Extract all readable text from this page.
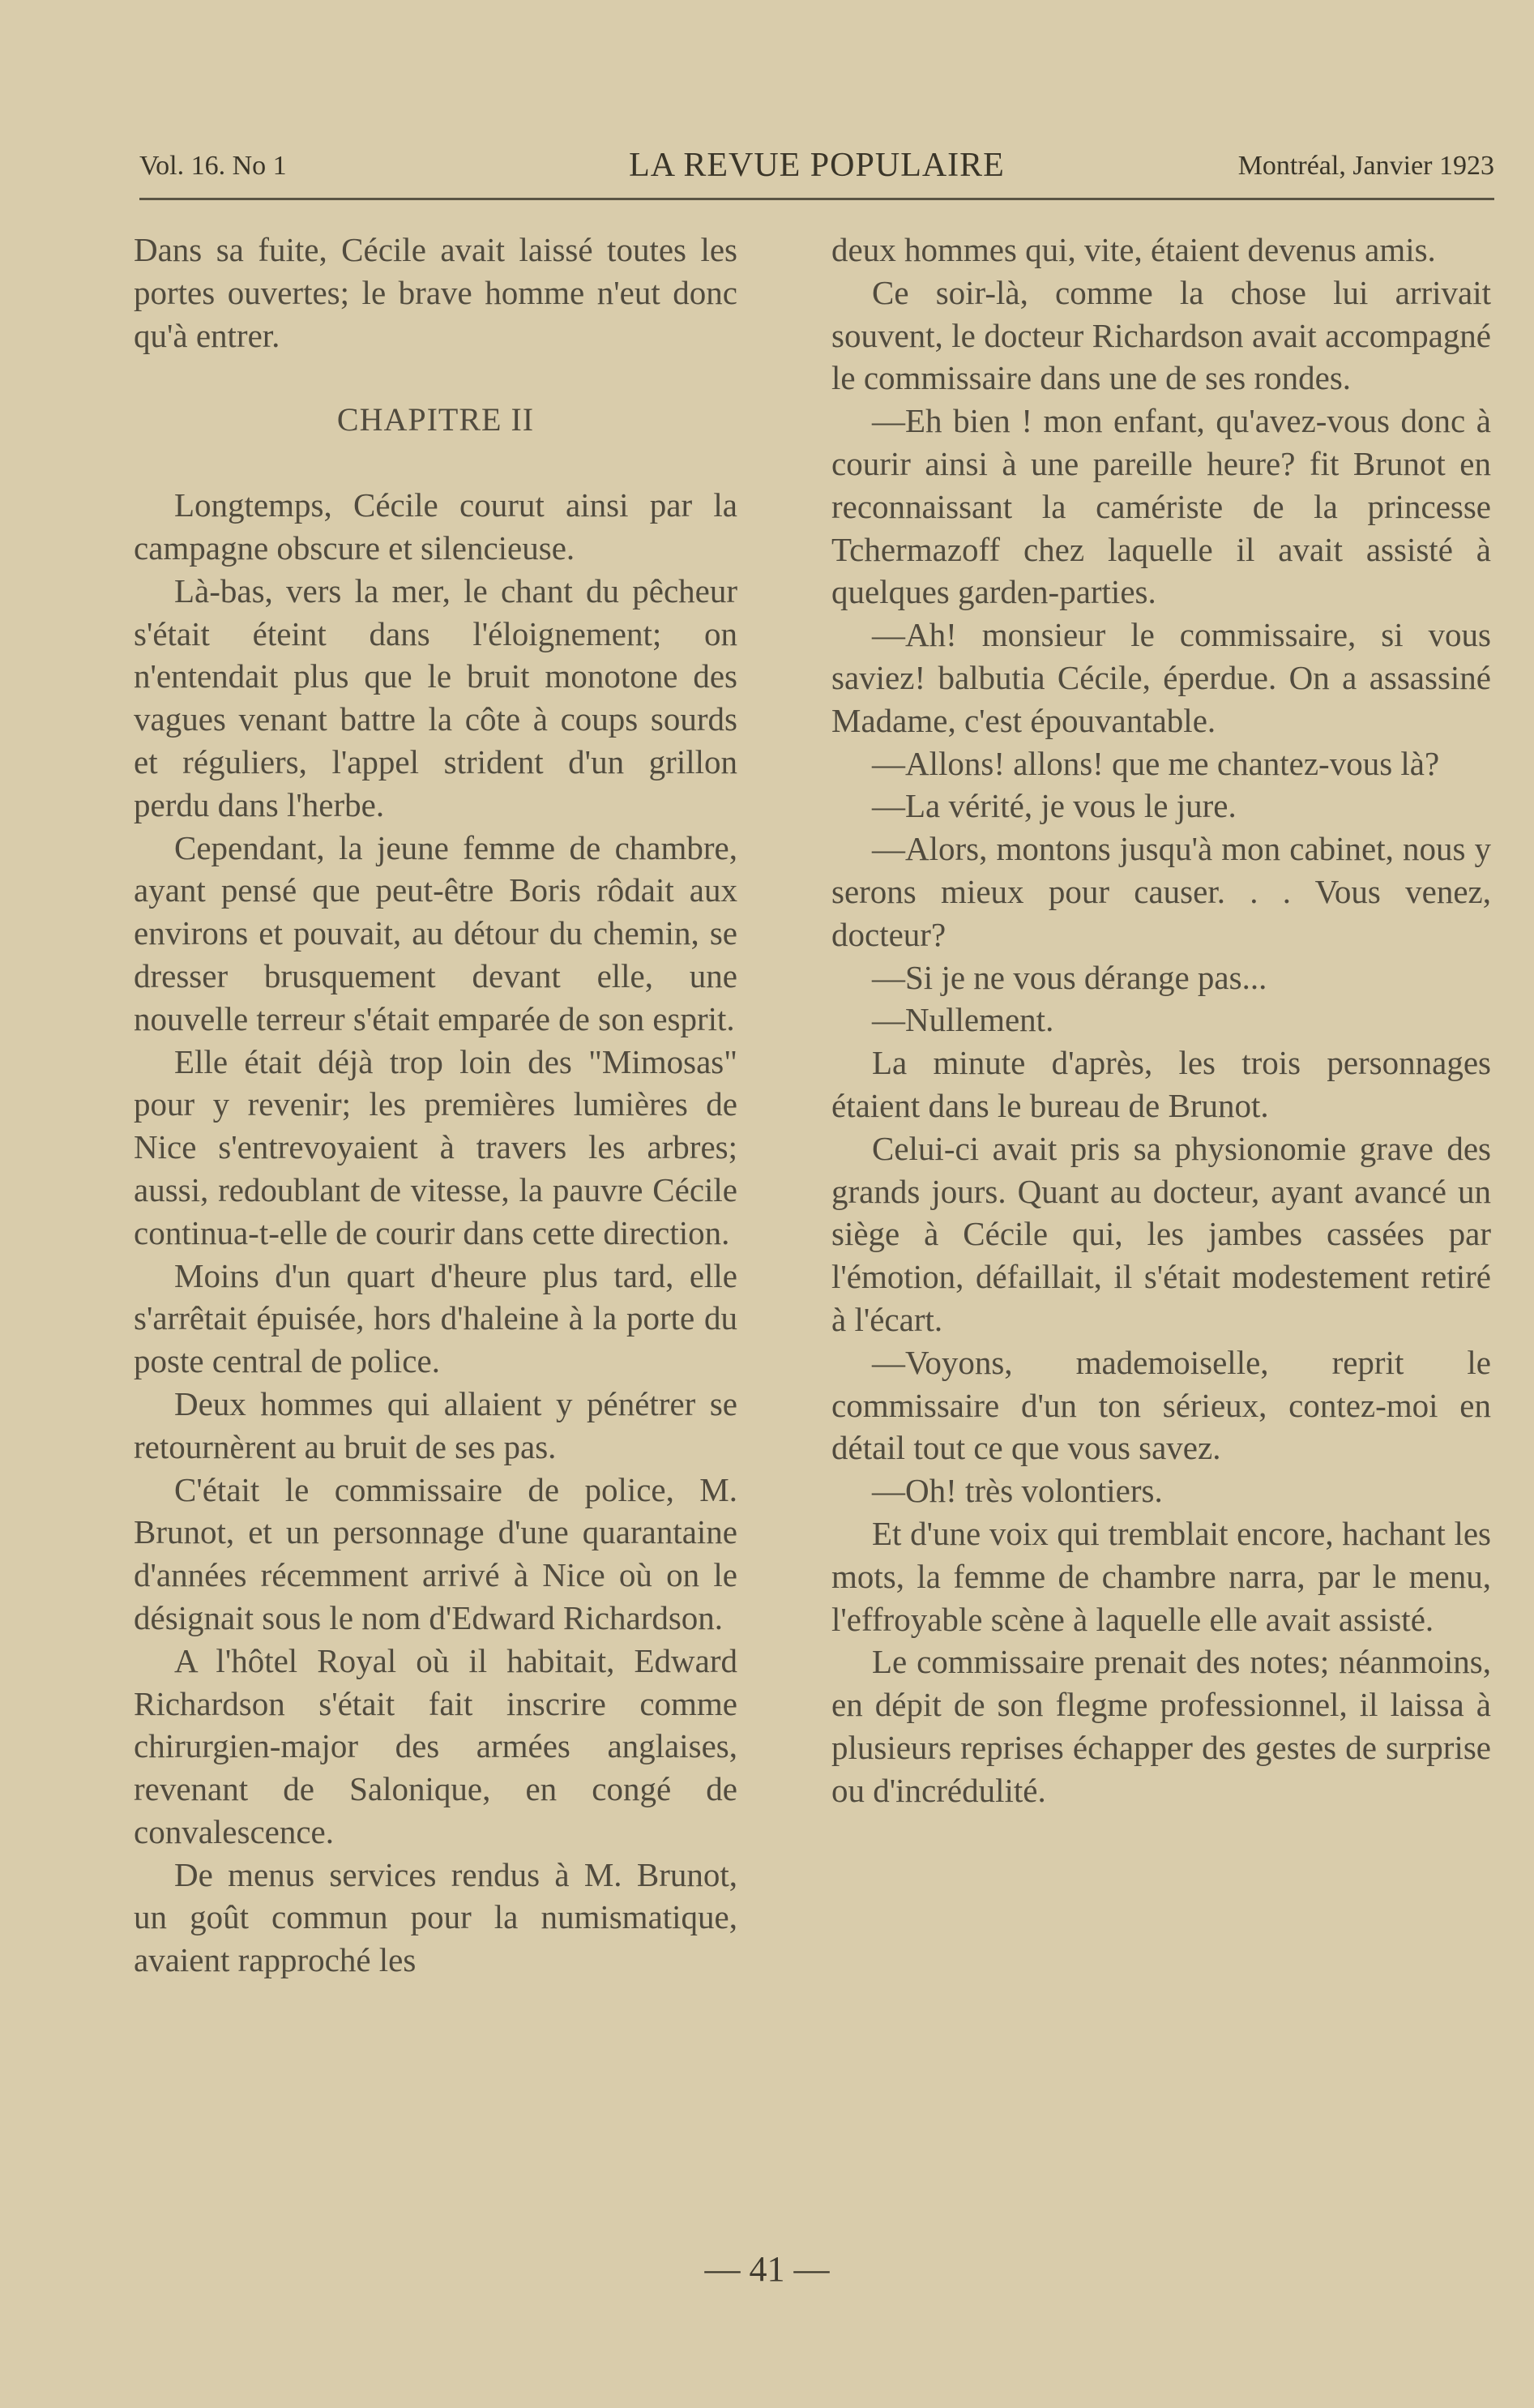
Vol. 16. No 1	LA REVUE POPULAIRE	Montréal, Janvier 1923

Dans sa fuite, Cécile avait laissé toutes les portes ouvertes; le brave homme n'eut donc qu'à entrer.

CHAPITRE II

Longtemps, Cécile courut ainsi par la campagne obscure et silencieuse.

Là-bas, vers la mer, le chant du pêcheur s'était éteint dans l'éloignement; on n'entendait plus que le bruit monotone des vagues venant battre la côte à coups sourds et réguliers, l'appel strident d'un grillon perdu dans l'herbe.

Cependant, la jeune femme de chambre, ayant pensé que peut-être Boris rôdait aux environs et pouvait, au détour du chemin, se dresser brusquement devant elle, une nouvelle terreur s'était emparée de son esprit.

Elle était déjà trop loin des "Mimosas" pour y revenir; les premières lumières de Nice s'entrevoyaient à travers les arbres; aussi, redoublant de vitesse, la pauvre Cécile continua-t-elle de courir dans cette direction.

Moins d'un quart d'heure plus tard, elle s'arrêtait épuisée, hors d'haleine à la porte du poste central de police.

Deux hommes qui allaient y pénétrer se retournèrent au bruit de ses pas.

C'était le commissaire de police, M. Brunot, et un personnage d'une quarantaine d'années récemment arrivé à Nice où on le désignait sous le nom d'Edward Richardson.

A l'hôtel Royal où il habitait, Edward Richardson s'était fait inscrire comme chirurgien-major des armées anglaises, revenant de Salonique, en congé de convalescence.

De menus services rendus à M. Brunot, un goût commun pour la numismatique, avaient rapproché les

deux hommes qui, vite, étaient devenus amis.

Ce soir-là, comme la chose lui arrivait souvent, le docteur Richardson avait accompagné le commissaire dans une de ses rondes.

—Eh bien ! mon enfant, qu'avez-vous donc à courir ainsi à une pareille heure? fit Brunot en reconnaissant la camériste de la princesse Tchermazoff chez laquelle il avait assisté à quelques garden-parties.

—Ah! monsieur le commissaire, si vous saviez! balbutia Cécile, éperdue. On a assassiné Madame, c'est épouvantable.

—Allons! allons! que me chantez-vous là?

—La vérité, je vous le jure.

—Alors, montons jusqu'à mon cabinet, nous y serons mieux pour causer. . . Vous venez, docteur?

—Si je ne vous dérange pas...

—Nullement.

La minute d'après, les trois personnages étaient dans le bureau de Brunot.

Celui-ci avait pris sa physionomie grave des grands jours. Quant au docteur, ayant avancé un siège à Cécile qui, les jambes cassées par l'émotion, défaillait, il s'était modestement retiré à l'écart.

—Voyons, mademoiselle, reprit le commissaire d'un ton sérieux, contez-moi en détail tout ce que vous savez.

—Oh! très volontiers.

Et d'une voix qui tremblait encore, hachant les mots, la femme de chambre narra, par le menu, l'effroyable scène à laquelle elle avait assisté.

Le commissaire prenait des notes; néanmoins, en dépit de son flegme professionnel, il laissa à plusieurs reprises échapper des gestes de surprise ou d'incrédulité.

— 41 —
